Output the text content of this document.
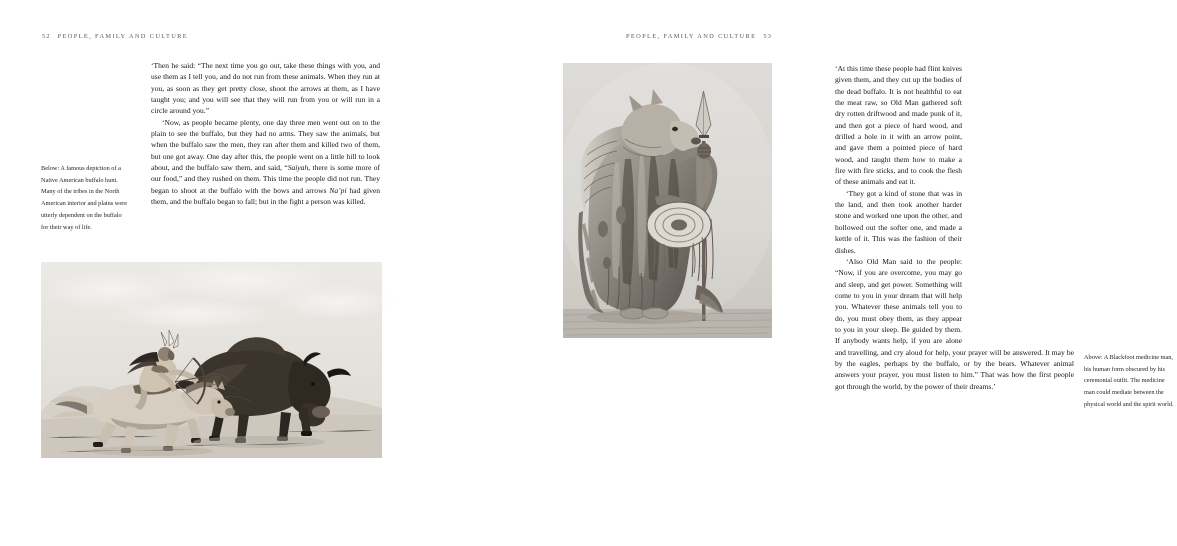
52 PEOPLE, FAMILY AND CULTURE

‘Then he said: “The next time you go out, take these things with you, and use them as I tell you, and do not run from these animals. When they run at you, as soon as they get pretty close, shoot the arrows at them, as I have taught you; and you will see that they will run from you or will run in a circle around you.”

‘Now, as people became plenty, one day three men went out on to the plain to see the buffalo, but they had no arms. They saw the animals, but when the buffalo saw the men, they ran after them and killed two of them, but one got away. One day after this, the people went on a little hill to look about, and the buffalo saw them, and said, “Saiyah, there is some more of our food,” and they rushed on them. This time the people did not run. They began to shoot at the buffalo with the bows and arrows Na’pi had given them, and the buffalo began to fall; but in the fight a person was killed.

Below: A famous depiction of a Native American buffalo hunt. Many of the tribes in the North American interior and plains were utterly dependent on the buffalo for their way of life.
PEOPLE, FAMILY AND CULTURE 53

‘At this time these people had flint knives given them, and they cut up the bodies of the dead buffalo. It is not healthful to eat the meat raw, so Old Man gathered soft dry rotten driftwood and made punk of it, and then got a piece of hard wood, and drilled a hole in it with an arrow point, and gave them a pointed piece of hard wood, and taught them how to make a fire with fire sticks, and to cook the flesh of these animals and eat it.

‘They got a kind of stone that was in the land, and then took another harder stone and worked one upon the other, and hollowed out the softer one, and made a kettle of it. This was the fashion of their dishes.

‘Also Old Man said to the people: “Now, if you are overcome, you may go and sleep, and get power. Something will come to you in your dream that will help you. Whatever these animals tell you to do, you must obey them, as they appear to you in your sleep. Be guided by them. If anybody wants help, if you are alone and travelling, and cry aloud for help, your prayer will be answered. It may be by the eagles, perhaps by the buffalo, or by the bears. Whatever animal answers your prayer, you must listen to him.” That was how the first people got through the world, by the power of their dreams.’

Above: A Blackfoot medicine man, his human form obscured by his ceremonial outfit. The medicine man could mediate between the physical world and the spirit world.
